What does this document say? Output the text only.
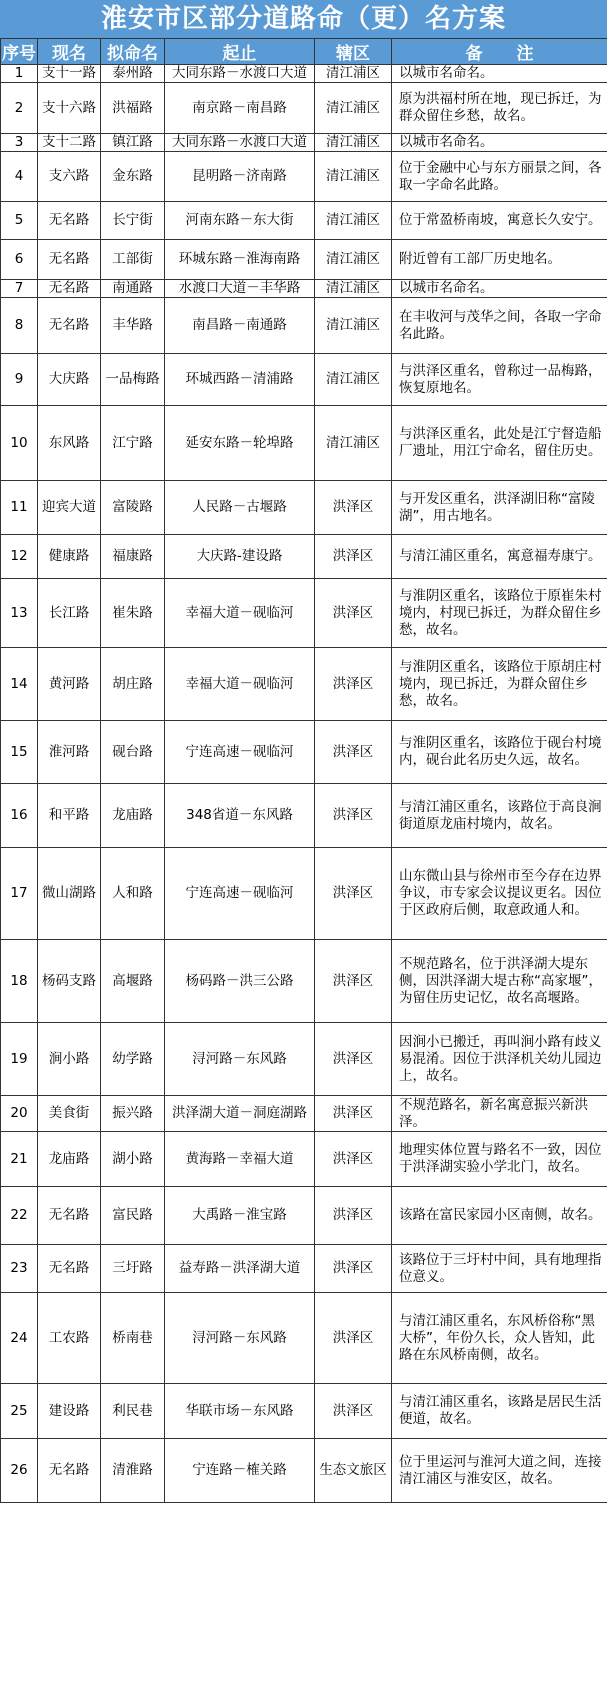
淮安市区部分道路命（更）名方案
序号	现名	拟命名	起止	辖区	备　　注
1	支十一路	泰州路	大同东路－水渡口大道	清江浦区	以城市名命名。
2	支十六路	洪福路	南京路－南昌路	清江浦区	原为洪福村所在地，现已拆迁，为群众留住乡愁，故名。
3	支十二路	镇江路	大同东路－水渡口大道	清江浦区	以城市名命名。
4	支六路	金东路	昆明路－济南路	清江浦区	位于金融中心与东方丽景之间，各取一字命名此路。
5	无名路	长宁街	河南东路－东大街	清江浦区	位于常盈桥南坡，寓意长久安宁。
6	无名路	工部街	环城东路－淮海南路	清江浦区	附近曾有工部厂历史地名。
7	无名路	南通路	水渡口大道－丰华路	清江浦区	以城市名命名。
8	无名路	丰华路	南昌路－南通路	清江浦区	在丰收河与茂华之间，各取一字命名此路。
9	大庆路	一品梅路	环城西路－清浦路	清江浦区	与洪泽区重名，曾称过一品梅路，恢复原地名。
10	东风路	江宁路	延安东路－轮埠路	清江浦区	与洪泽区重名，此处是江宁督造船厂遗址，用江宁命名，留住历史。
11	迎宾大道	富陵路	人民路－古堰路	洪泽区	与开发区重名，洪泽湖旧称“富陵湖”，用古地名。
12	健康路	福康路	大庆路-建设路	洪泽区	与清江浦区重名，寓意福寿康宁。
13	长江路	崔朱路	幸福大道－砚临河	洪泽区	与淮阴区重名，该路位于原崔朱村境内，村现已拆迁，为群众留住乡愁，故名。
14	黄河路	胡庄路	幸福大道－砚临河	洪泽区	与淮阴区重名，该路位于原胡庄村境内，现已拆迁，为群众留住乡愁，故名。
15	淮河路	砚台路	宁连高速－砚临河	洪泽区	与淮阴区重名，该路位于砚台村境内，砚台此名历史久远，故名。
16	和平路	龙庙路	348省道－东风路	洪泽区	与清江浦区重名，该路位于高良涧街道原龙庙村境内，故名。
17	微山湖路	人和路	宁连高速－砚临河	洪泽区	山东微山县与徐州市至今存在边界争议，市专家会议提议更名。因位于区政府后侧，取意政通人和。
18	杨码支路	高堰路	杨码路－洪三公路	洪泽区	不规范路名，位于洪泽湖大堤东侧，因洪泽湖大堤古称“高家堰”，为留住历史记忆，故名高堰路。
19	涧小路	幼学路	浔河路－东风路	洪泽区	因涧小已搬迁，再叫涧小路有歧义易混淆。因位于洪泽机关幼儿园边上，故名。
20	美食街	振兴路	洪泽湖大道－洞庭湖路	洪泽区	不规范路名，新名寓意振兴新洪泽。
21	龙庙路	湖小路	黄海路－幸福大道	洪泽区	地理实体位置与路名不一致，因位于洪泽湖实验小学北门，故名。
22	无名路	富民路	大禹路－淮宝路	洪泽区	该路在富民家园小区南侧，故名。
23	无名路	三圩路	益寿路－洪泽湖大道	洪泽区	该路位于三圩村中间，具有地理指位意义。
24	工农路	桥南巷	浔河路－东风路	洪泽区	与清江浦区重名，东风桥俗称“黑大桥”，年份久长，众人皆知，此路在东风桥南侧，故名。
25	建设路	利民巷	华联市场－东风路	洪泽区	与清江浦区重名，该路是居民生活便道，故名。
26	无名路	清淮路	宁连路－榷关路	生态文旅区	位于里运河与淮河大道之间，连接清江浦区与淮安区，故名。
